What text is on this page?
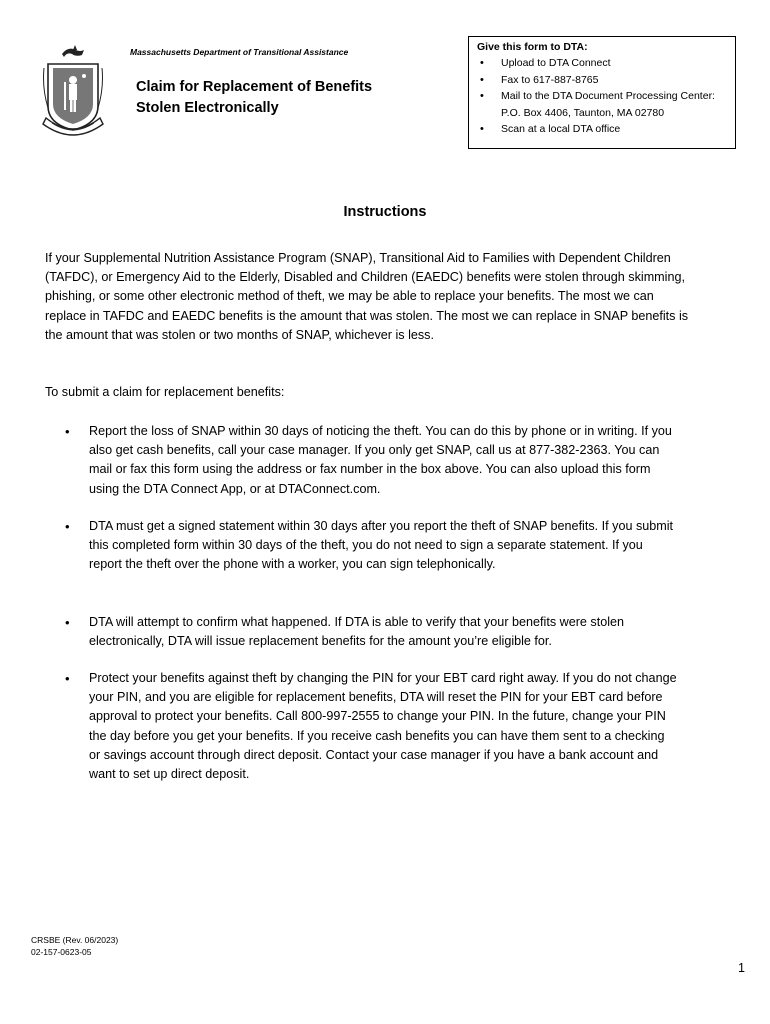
Massachusetts Department of Transitional Assistance
Claim for Replacement of Benefits
Stolen Electronically
Give this form to DTA:
• Upload to DTA Connect
• Fax to 617-887-8765
• Mail to the DTA Document Processing Center: P.O. Box 4406, Taunton, MA 02780
• Scan at a local DTA office
Instructions
If your Supplemental Nutrition Assistance Program (SNAP), Transitional Aid to Families with Dependent Children (TAFDC), or Emergency Aid to the Elderly, Disabled and Children (EAEDC) benefits were stolen through skimming, phishing, or some other electronic method of theft, we may be able to replace your benefits. The most we can replace in TAFDC and EAEDC benefits is the amount that was stolen. The most we can replace in SNAP benefits is the amount that was stolen or two months of SNAP, whichever is less.
To submit a claim for replacement benefits:
• Report the loss of SNAP within 30 days of noticing the theft. You can do this by phone or in writing. If you also get cash benefits, call your case manager. If you only get SNAP, call us at 877-382-2363. You can mail or fax this form using the address or fax number in the box above. You can also upload this form using the DTA Connect App, or at DTAConnect.com.
• DTA must get a signed statement within 30 days after you report the theft of SNAP benefits. If you submit this completed form within 30 days of the theft, you do not need to sign a separate statement. If you report the theft over the phone with a worker, you can sign telephonically.
• DTA will attempt to confirm what happened. If DTA is able to verify that your benefits were stolen electronically, DTA will issue replacement benefits for the amount you’re eligible for.
• Protect your benefits against theft by changing the PIN for your EBT card right away. If you do not change your PIN, and you are eligible for replacement benefits, DTA will reset the PIN for your EBT card before approval to protect your benefits. Call 800-997-2555 to change your PIN. In the future, change your PIN the day before you get your benefits. If you receive cash benefits you can have them sent to a checking or savings account through direct deposit. Contact your case manager if you have a bank account and want to set up direct deposit.
CRSBE (Rev. 06/2023)
02-157-0623-05
1
